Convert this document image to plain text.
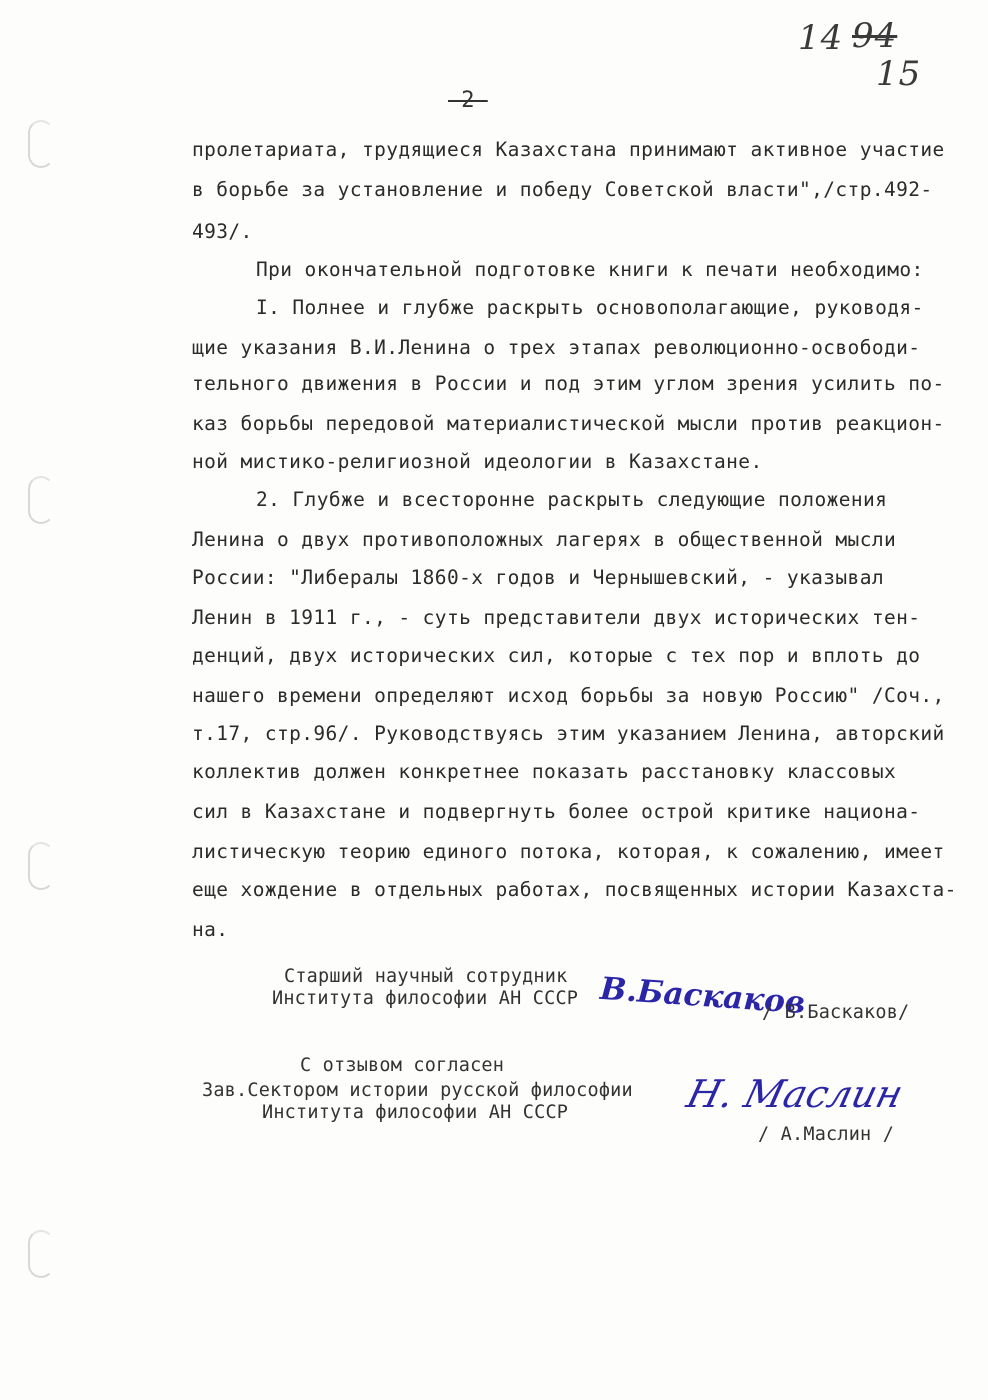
14 94
15
-2-
пролетариата, трудящиеся Казахстана принимают активное участие
в борьбе за установление и победу Советской власти",/стр.492-
493/.
При окончательной подготовке книги к печати необходимо:
I. Полнее и глубже раскрыть основополагающие, руководя-
щие указания В.И.Ленина о трех этапах революционно-освободи-
тельного движения в России и под этим углом зрения усилить по-
каз борьбы передовой материалистической мысли против реакцион-
ной мистико-религиозной идеологии в Казахстане.
2. Глубже и всесторонне раскрыть следующие положения
Ленина о двух противоположных лагерях в общественной мысли
России: "Либералы 1860-х годов и Чернышевский, - указывал
Ленин в 1911 г., - суть представители двух исторических тен-
денций, двух исторических сил, которые с тех пор и вплоть до
нашего времени определяют исход борьбы за новую Россию" /Соч.,
т.17, стр.96/. Руководствуясь этим указанием Ленина, авторский
коллектив должен конкретнее показать расстановку классовых
сил в Казахстане и подвергнуть более острой критике национа-
листическую теорию единого потока, которая, к сожалению, имеет
еще хождение в отдельных работах, посвященных истории Казахста-
на.
Старший научный сотрудник
Института философии АН СССР В.Баскаков
/ В.Баскаков/
С отзывом согласен
Зав.Сектором истории русской философии
Института философии АН СССР	Н. Маслин
/ А.Маслин /
